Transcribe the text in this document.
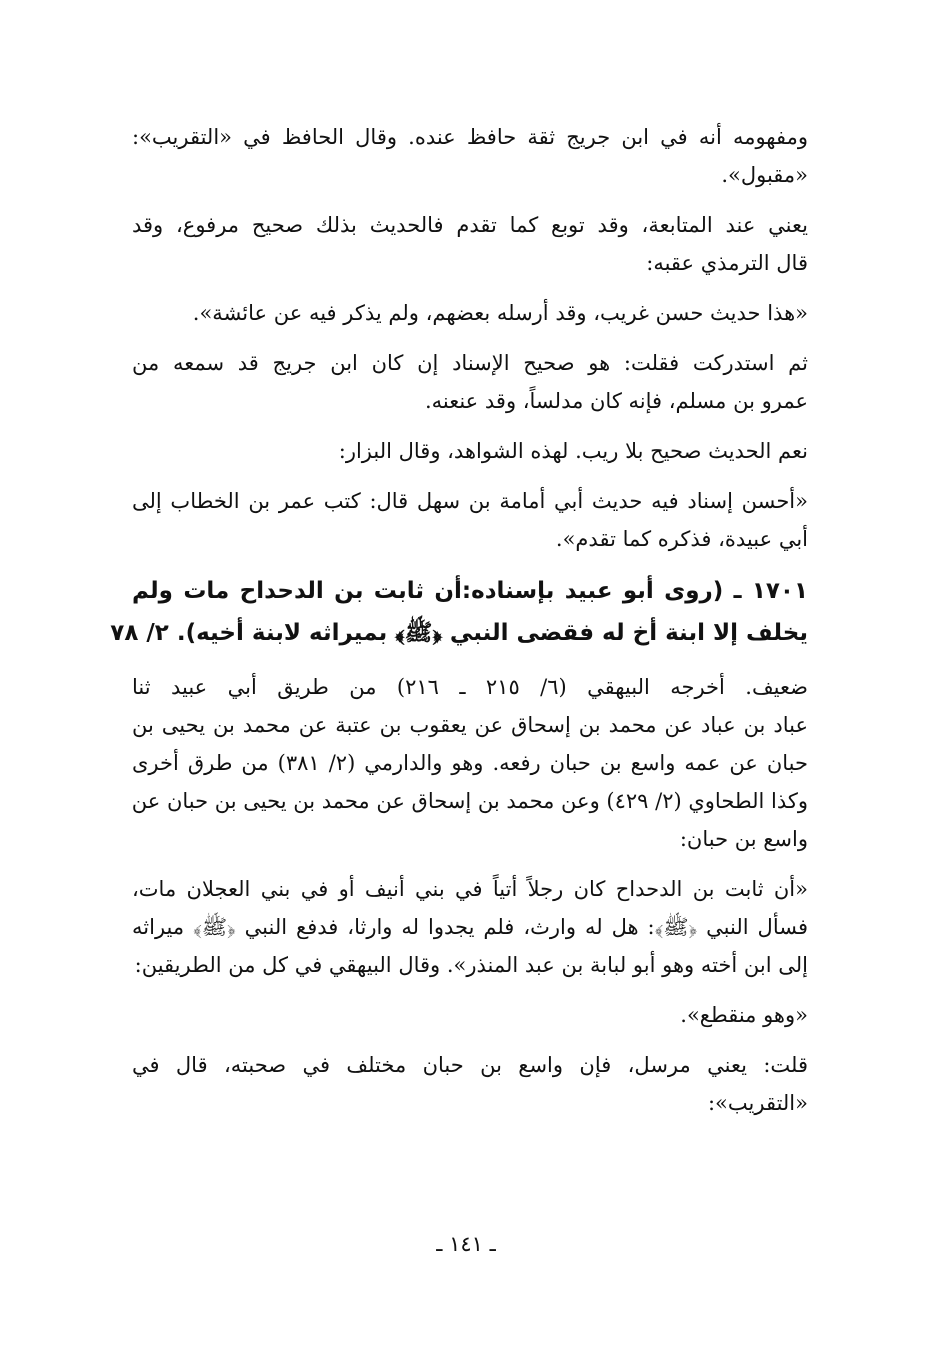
ومفهومه أنه في ابن جريج ثقة حافظ عنده. وقال الحافظ في «التقريب»:
«مقبول».
يعني عند المتابعة، وقد توبع كما تقدم فالحديث بذلك صحيح مرفوع، وقد
قال الترمذي عقبه:
«هذا حديث حسن غريب، وقد أرسله بعضهم، ولم يذكر فيه عن عائشة».
ثم استدركت فقلت: هو صحيح الإسناد إن كان ابن جريج قد سمعه من
عمرو بن مسلم، فإنه كان مدلساً، وقد عنعنه.
نعم الحديث صحيح بلا ريب. لهذه الشواهد، وقال البزار:
«أحسن إسناد فيه حديث أبي أمامة بن سهل قال: كتب عمر بن الخطاب إلى
أبي عبيدة، فذكره كما تقدم».
١٧٠١ ـ (روى أبو عبيد بإسناده:أن ثابت بن الدحداح مات ولم
يخلف إلا ابنة أخ له فقضى النبي ﴿ﷺ﴾ بميراثه لابنة أخيه). ٢/ ٧٨
ضعيف. أخرجه البيهقي (٦/ ٢١٥ ـ ٢١٦) من طريق أبي عبيد ثنا
عباد بن عباد عن محمد بن إسحاق عن يعقوب بن عتبة عن محمد بن يحيى بن
حبان عن عمه واسع بن حبان رفعه. وهو والدارمي (٢/ ٣٨١) من طرق أخرى
وكذا الطحاوي (٢/ ٤٢٩) وعن محمد بن إسحاق عن محمد بن يحيى بن حبان عن
واسع بن حبان:
«أن ثابت بن الدحداح كان رجلاً أتياً في بني أنيف أو في بني العجلان مات،
فسأل النبي ﴿ﷺ﴾: هل له وارث، فلم يجدوا له وارثا، فدفع النبي ﴿ﷺ﴾ ميراثه
إلى ابن أخته وهو أبو لبابة بن عبد المنذر». وقال البيهقي في كل من الطريقين:
«وهو منقطع».
قلت: يعني مرسل، فإن واسع بن حبان مختلف في صحبته، قال في
«التقريب»:
ـ ١٤١ ـ
